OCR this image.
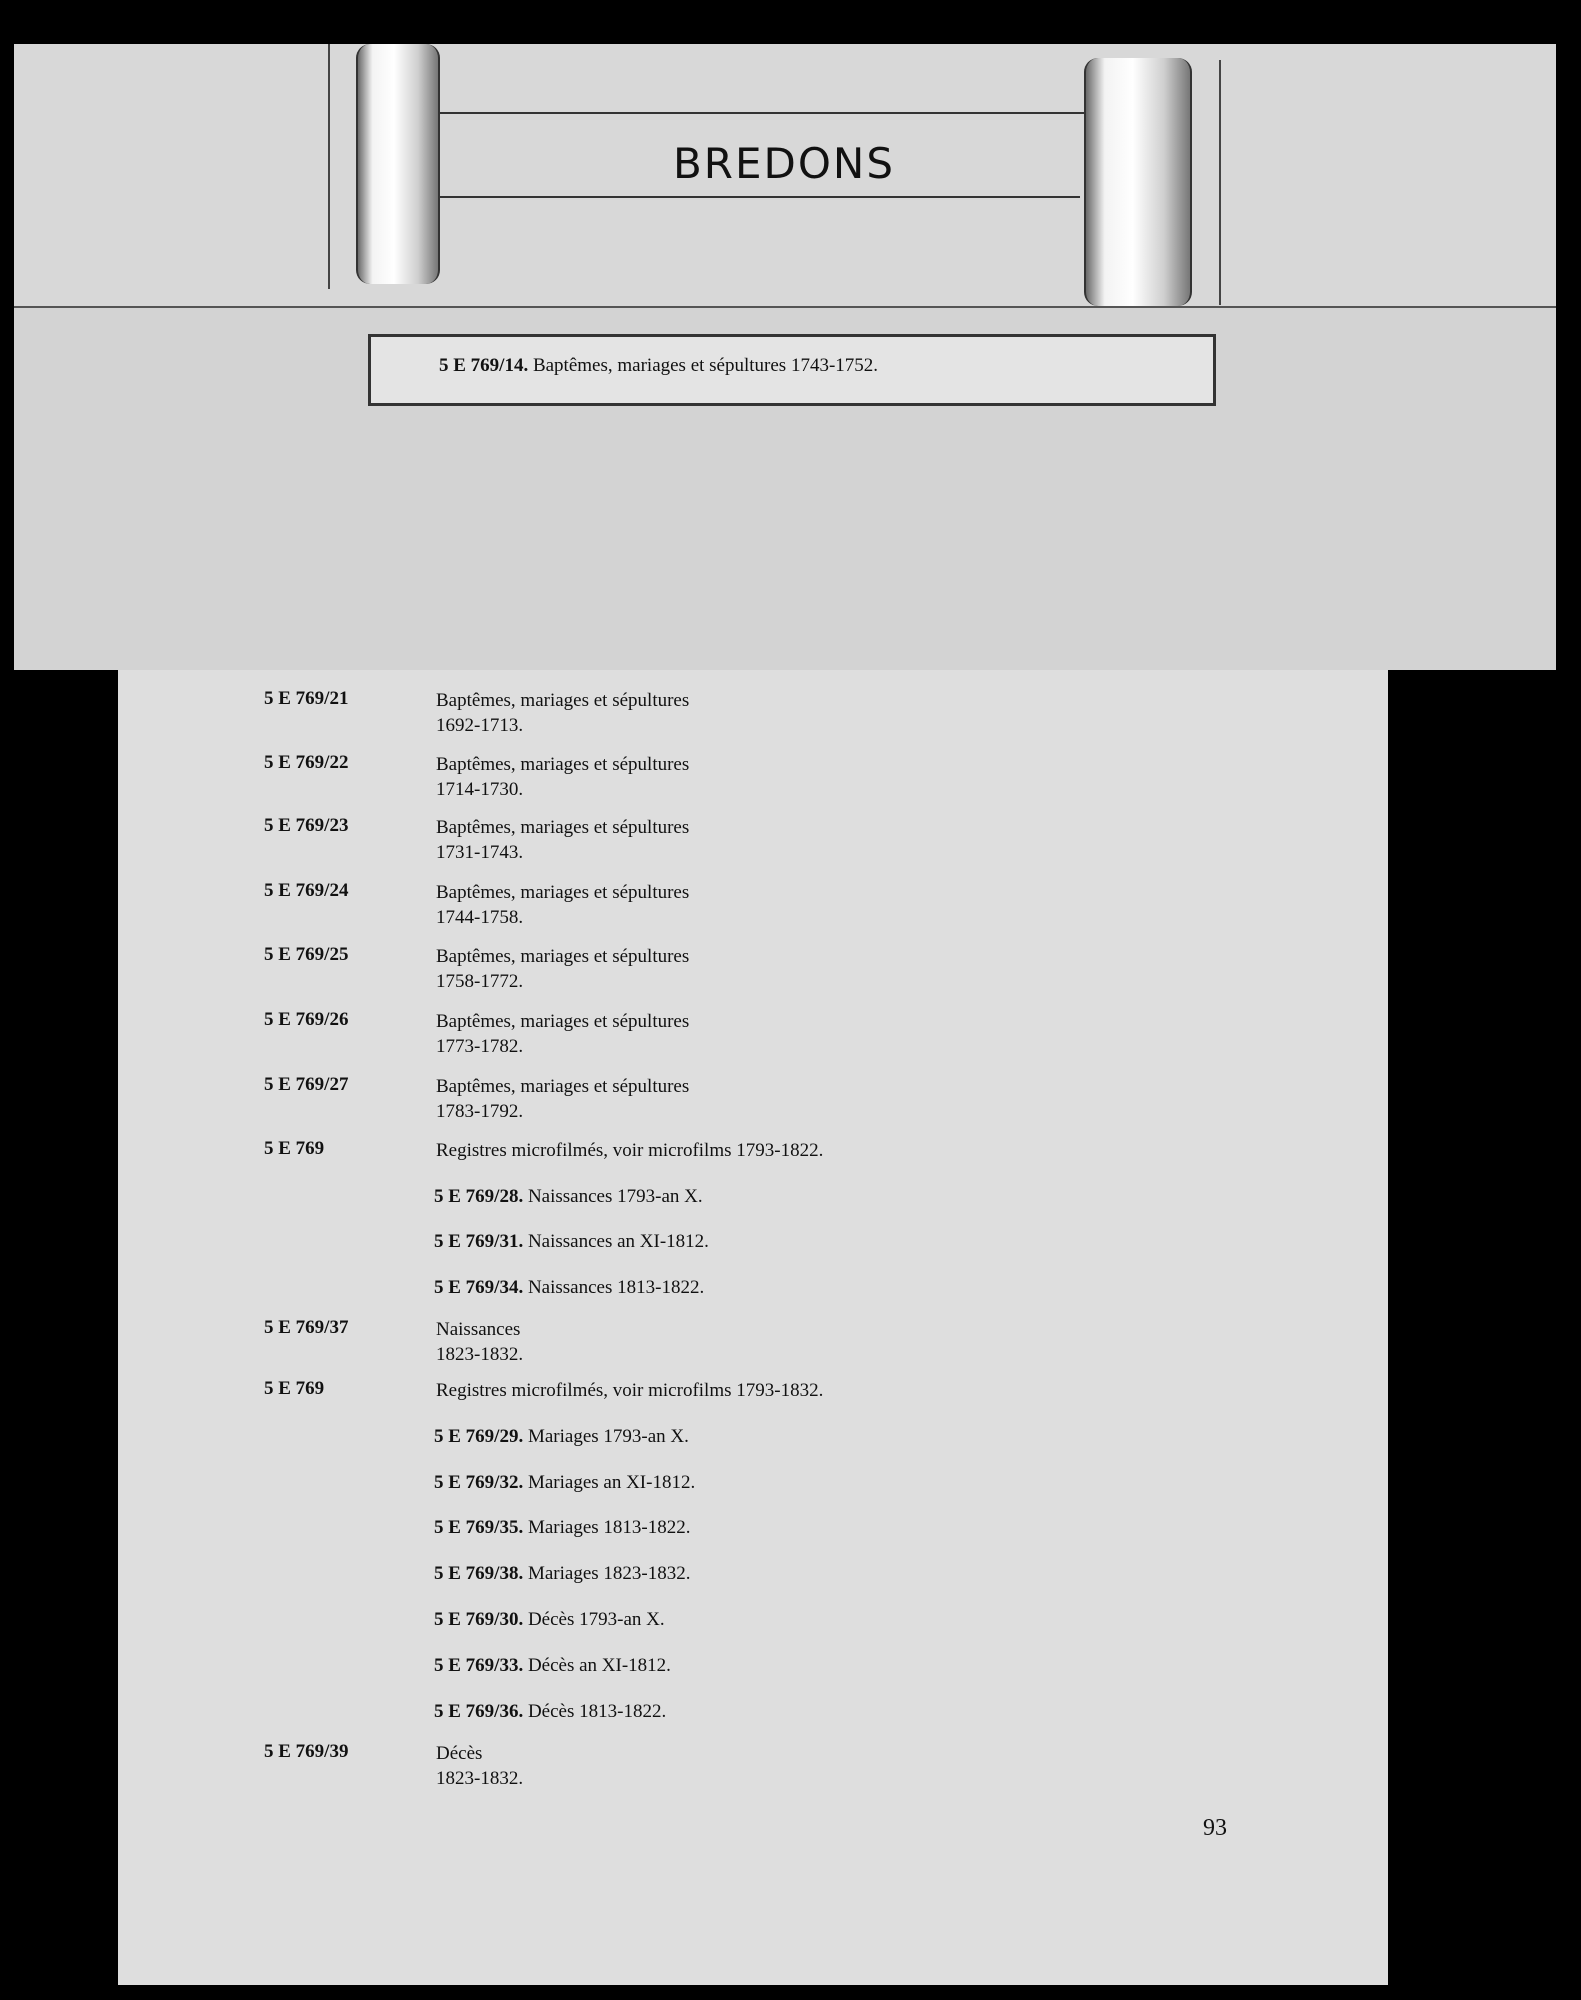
5 E 769/21	Baptêmes, mariages et sépultures
1692-1713.
5 E 769/22	Baptêmes, mariages et sépultures
1714-1730.
5 E 769/23	Baptêmes, mariages et sépultures
1731-1743.
5 E 769/24	Baptêmes, mariages et sépultures
1744-1758.
5 E 769/25	Baptêmes, mariages et sépultures
1758-1772.
5 E 769/26	Baptêmes, mariages et sépultures
1773-1782.
5 E 769/27	Baptêmes, mariages et sépultures
1783-1792.
5 E 769	Registres microfilmés, voir microfilms 1793-1822.
5 E 769/28. Naissances 1793-an X.
5 E 769/31. Naissances an XI-1812.
5 E 769/34. Naissances 1813-1822.
5 E 769/37	Naissances
1823-1832.
5 E 769	Registres microfilmés, voir microfilms 1793-1832.
5 E 769/29. Mariages 1793-an X.
5 E 769/32. Mariages an XI-1812.
5 E 769/35. Mariages 1813-1822.
5 E 769/38. Mariages 1823-1832.
5 E 769/30. Décès 1793-an X.
5 E 769/33. Décès an XI-1812.
5 E 769/36. Décès 1813-1822.
5 E 769/39	Décès
1823-1832.
93
BREDONS
5 E 769/14. Baptêmes, mariages et sépultures 1743-1752.
